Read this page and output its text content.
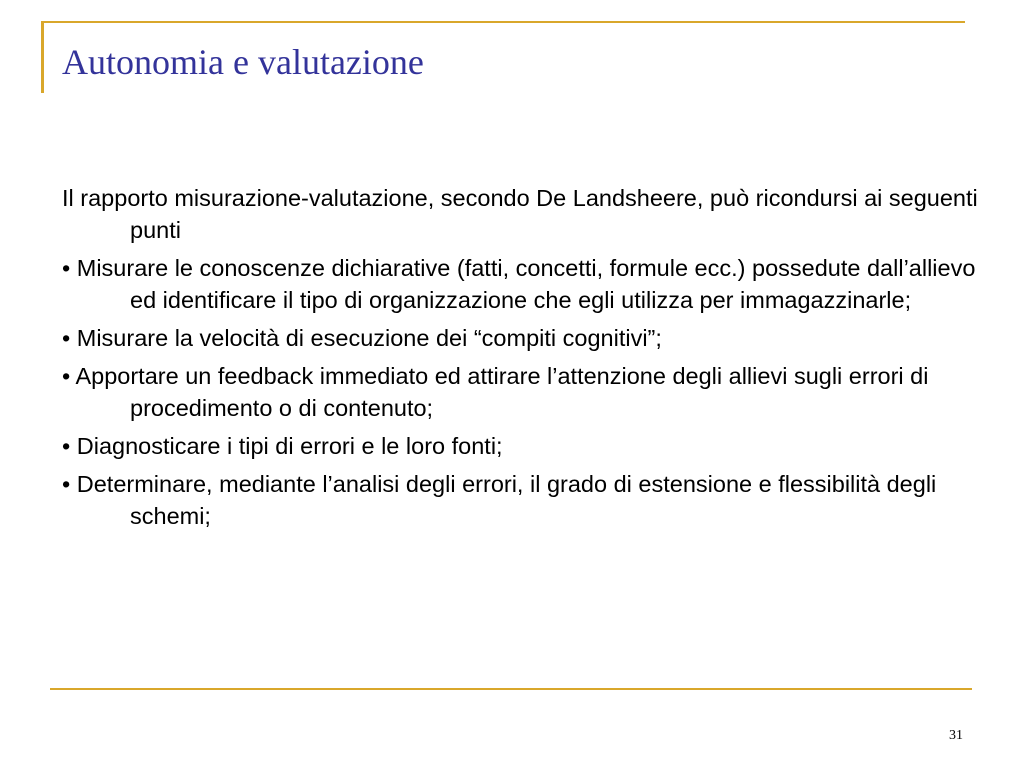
Autonomia e valutazione

Il rapporto misurazione-valutazione, secondo De Landsheere, può ricondursi ai seguenti punti

• Misurare le conoscenze dichiarative (fatti, concetti, formule ecc.) possedute dall’allievo ed identificare il tipo di organizzazione che egli utilizza per immagazzinarle;

• Misurare la velocità di esecuzione dei “compiti cognitivi”;

• Apportare un feedback immediato ed attirare l’attenzione degli allievi sugli errori di procedimento o di contenuto;

• Diagnosticare i tipi di errori e le loro fonti;

• Determinare, mediante l’analisi degli errori, il grado di estensione e flessibilità degli schemi;

31
